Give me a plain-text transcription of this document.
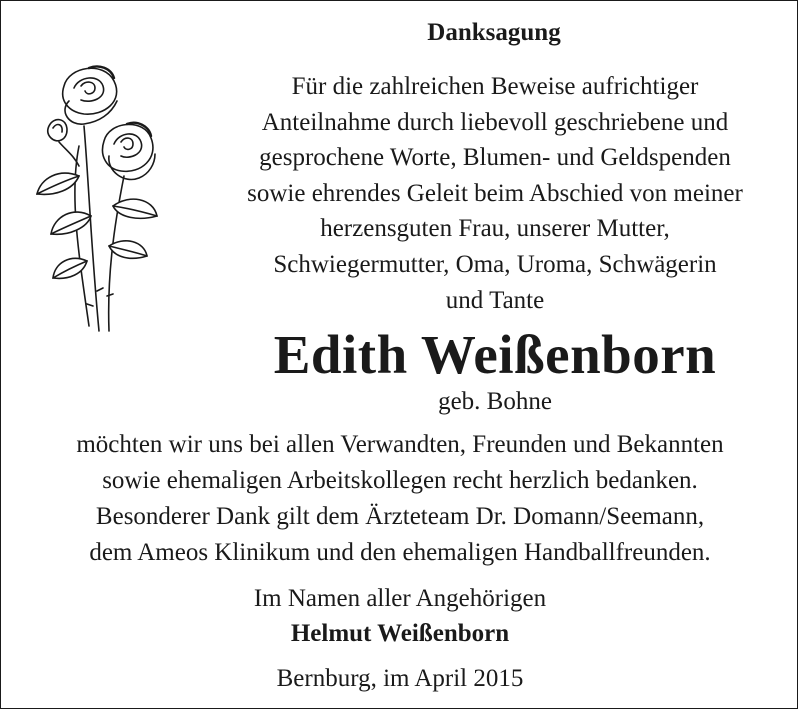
Danksagung
Für die zahlreichen Beweise aufrichtiger
Anteilnahme durch liebevoll geschriebene und
gesprochene Worte, Blumen- und Geldspenden
sowie ehrendes Geleit beim Abschied von meiner
herzensguten Frau, unserer Mutter,
Schwiegermutter, Oma, Uroma, Schwägerin
und Tante
Edith Weißenborn
geb. Bohne
möchten wir uns bei allen Verwandten, Freunden und Bekannten
sowie ehemaligen Arbeitskollegen recht herzlich bedanken.
Besonderer Dank gilt dem Ärzteteam Dr. Domann/Seemann,
dem Ameos Klinikum und den ehemaligen Handballfreunden.
Im Namen aller Angehörigen
Helmut Weißenborn
Bernburg, im April 2015
